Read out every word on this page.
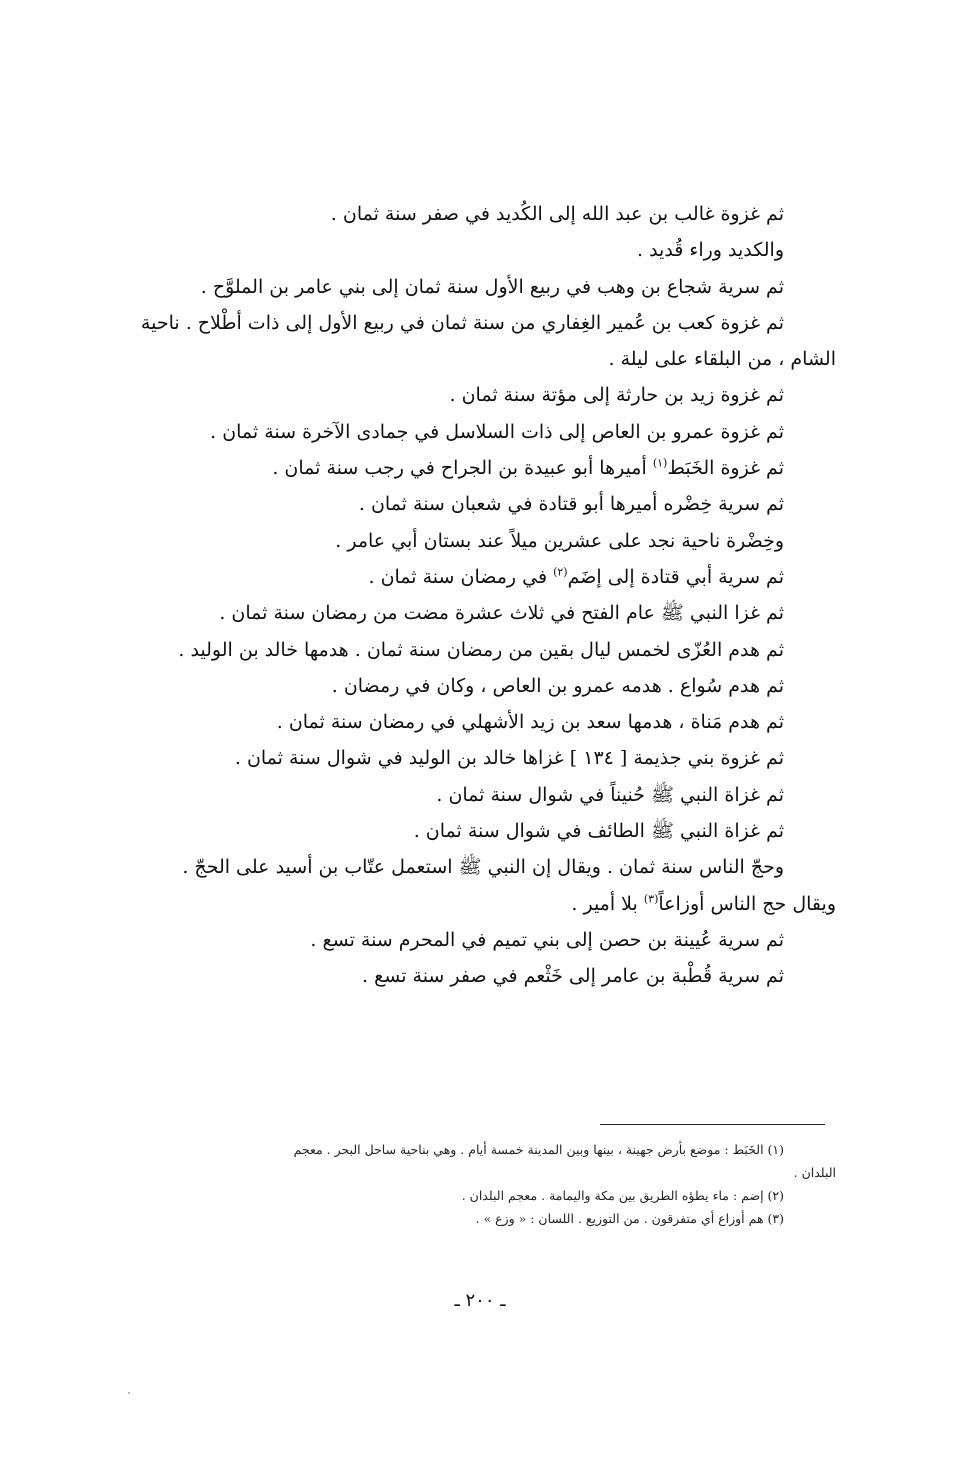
ثم غزوة غالب بن عبد الله إلى الكُديد في صفر سنة ثمان .
والكديد وراء قُديد .
ثم سرية شجاع بن وهب في ربيع الأول سنة ثمان إلى بني عامر بن الملوَّح .
ثم غزوة كعب بن عُمير الغِفاري من سنة ثمان في ربيع الأول إلى ذات أطْلاح . ناحية
الشام ، من البلقاء على ليلة .
ثم غزوة زيد بن حارثة إلى مؤتة سنة ثمان .
ثم غزوة عمرو بن العاص إلى ذات السلاسل في جمادى الآخرة سنة ثمان .
ثم غزوة الخَبَط$^{(١)}$ أميرها أبو عبيدة بن الجراح في رجب سنة ثمان .
ثم سرية خِضْره أميرها أبو قتادة في شعبان سنة ثمان .
وخِضْرة ناحية نجد على عشرين ميلاً عند بستان أبي عامر .
ثم سرية أبي قتادة إلى إضَم$^{(٢)}$ في رمضان سنة ثمان .
ثم غزا النبي ﷺ عام الفتح في ثلاث عشرة مضت من رمضان سنة ثمان .
ثم هدم العُزّى لخمس ليال بقين من رمضان سنة ثمان . هدمها خالد بن الوليد .
ثم هدم سُواع . هدمه عمرو بن العاص ، وكان في رمضان .
ثم هدم مَناة ، هدمها سعد بن زيد الأشهلي في رمضان سنة ثمان .
ثم غزوة بني جذيمة [ ١٣٤ ] غزاها خالد بن الوليد في شوال سنة ثمان .
ثم غزاة النبي ﷺ حُنيناً في شوال سنة ثمان .
ثم غزاة النبي ﷺ الطائف في شوال سنة ثمان .
وحجّ الناس سنة ثمان . ويقال إن النبي ﷺ استعمل عتّاب بن أسيد على الحجّ .
ويقال حج الناس أوزاعاً$^{(٣)}$ بلا أمير .
ثم سرية عُيينة بن حصن إلى بني تميم في المحرم سنة تسع .
ثم سرية قُطْبة بن عامر إلى خَثْعم في صفر سنة تسع .
(١) الخَبَط : موضع بأرض جهينة ، بينها وبين المدينة خمسة أيام . وهي بناحية ساحل البحر . معجم
البلدان .
(٢) إضم : ماء يطؤه الطريق بين مكة واليمامة . معجم البلدان .
(٣) هم أوزاع أي متفرقون . من التوزيع . اللسان : « وزع » .
ـ ٢٠٠ ـ
